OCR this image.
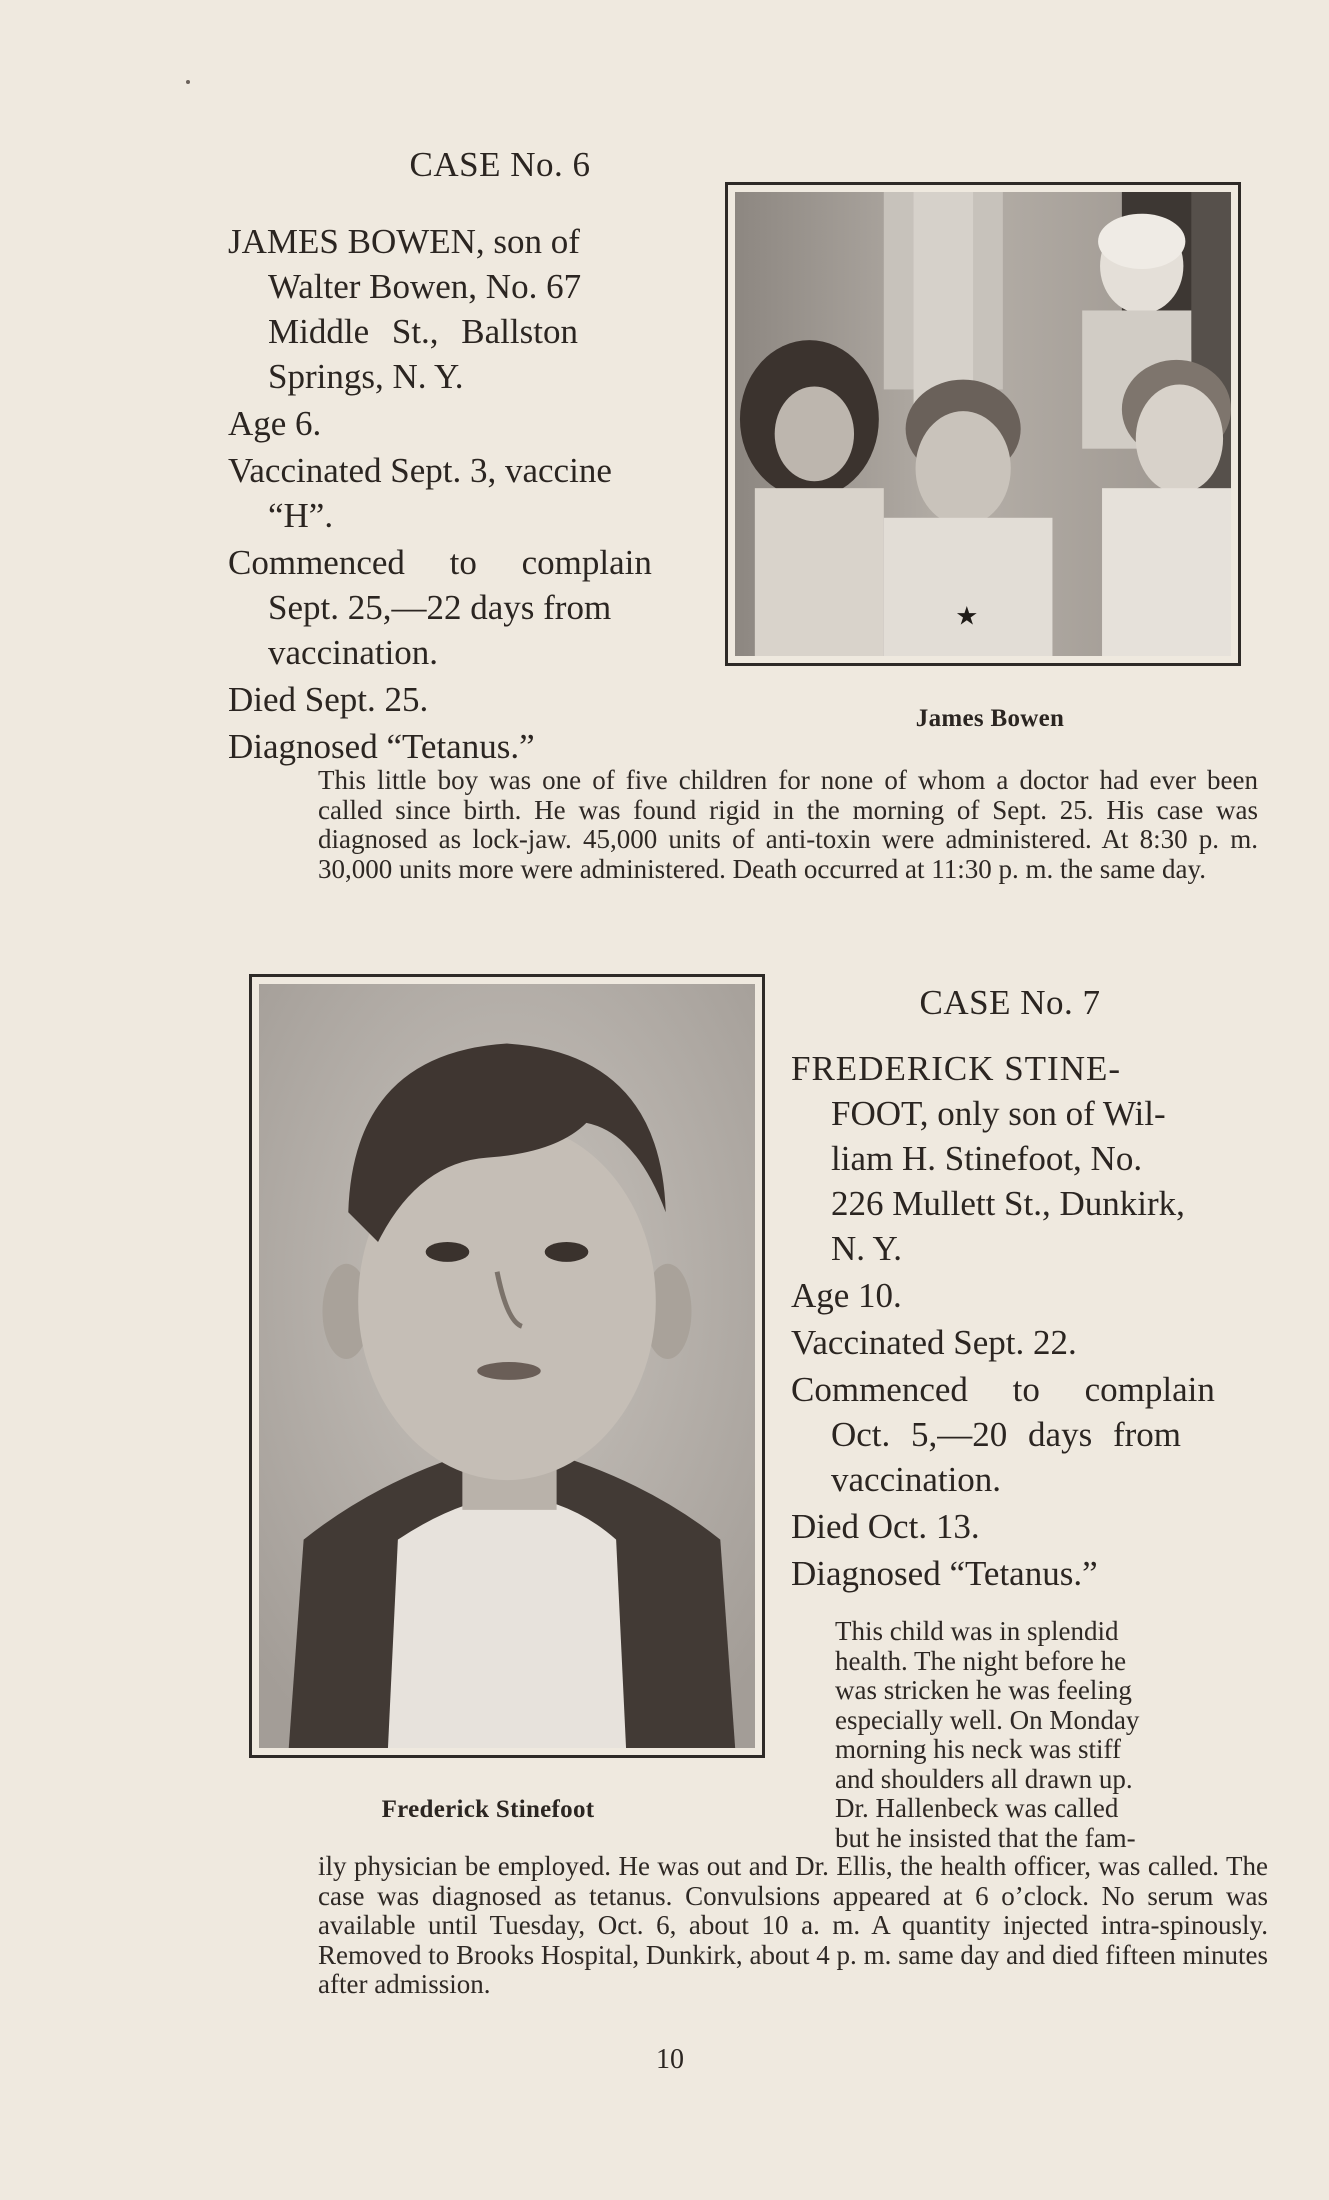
CASE No. 6

JAMES BOWEN, son of
Walter Bowen, No. 67
Middle St., Ballston
Springs, N. Y.

Age 6.

Vaccinated Sept. 3, vaccine
“H”.

Commenced to complain
Sept. 25,—22 days from
vaccination.

Died Sept. 25.

Diagnosed “Tetanus.”

★
James Bowen
This little boy was one of five children for none of whom a doctor had ever been called since birth. He was found rigid in the morning of Sept. 25. His case was diagnosed as lock-jaw. 45,000 units of anti-toxin were administered. At 8:30 p. m. 30,000 units more were administered. Death occurred at 11:30 p. m. the same day.
Frederick Stinefoot
CASE No. 7

FREDERICK STINE-
FOOT, only son of Wil-
liam H. Stinefoot, No.
226 Mullett St., Dunkirk,
N. Y.

Age 10.

Vaccinated Sept. 22.

Commenced to complain
Oct. 5,—20 days from
vaccination.

Died Oct. 13.

Diagnosed “Tetanus.”

This child was in splendid
health. The night before he
was stricken he was feeling
especially well. On Monday
morning his neck was stiff
and shoulders all drawn up.
Dr. Hallenbeck was called
but he insisted that the fam-
ily physician be employed. He was out and Dr. Ellis, the health officer, was called. The case was diagnosed as tetanus. Convulsions appeared at 6 o’clock. No serum was available until Tuesday, Oct. 6, about 10 a. m. A quantity injected intra-spinously. Removed to Brooks Hospital, Dunkirk, about 4 p. m. same day and died fifteen minutes after admission.
10
